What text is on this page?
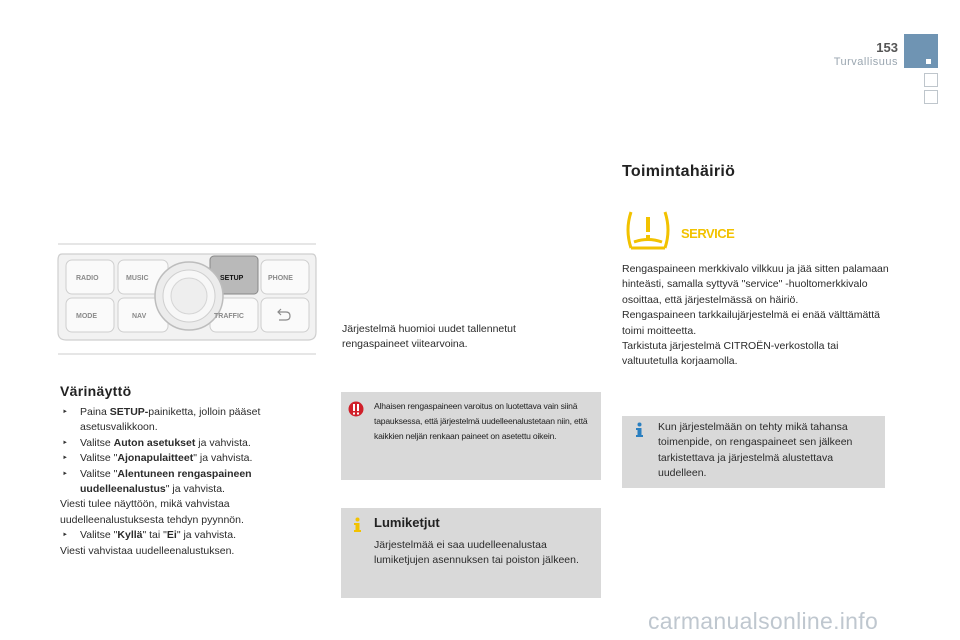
153
Turvallisuus
RADIO	MUSIC	SETUP	PHONE
MODE	NAV	TRAFFIC
Värinäyttö
‣ Paina SETUP-painiketta, jolloin pääset asetusvalikkoon.
‣ Valitse Auton asetukset ja vahvista.
‣ Valitse "Ajonapulaitteet" ja vahvista.
‣ Valitse "Alentuneen rengaspaineen uudelleenalustus" ja vahvista.
Viesti tulee näyttöön, mikä vahvistaa uudelleenalustuksesta tehdyn pyynnön.
‣ Valitse "Kyllä" tai "Ei" ja vahvista.
Viesti vahvistaa uudelleenalustuksen.
Järjestelmä huomioi uudet tallennetut rengaspaineet viitearvoina.
Alhaisen rengaspaineen varoitus on luotettava vain siinä tapauksessa, että järjestelmä uudelleenalustetaan niin, että kaikkien neljän renkaan paineet on asetettu oikein.
Lumiketjut
Järjestelmää ei saa uudelleenalustaa lumiketjujen asennuksen tai poiston jälkeen.
Toimintahäiriö
SERVICE
Rengaspaineen merkkivalo vilkkuu ja jää sitten palamaan hinteästi, samalla syttyvä "service" -huoltomerkkivalo osoittaa, että järjestelmässä on häiriö.
Rengaspaineen tarkkailujärjestelmä ei enää välttämättä toimi moitteetta.
Tarkistuta järjestelmä CITROËN-verkostolla tai valtuutetulla korjaamolla.
Kun järjestelmään on tehty mikä tahansa toimenpide, on rengaspaineet sen jälkeen tarkistettava ja järjestelmä alustettava uudelleen.
carmanualsonline.info
